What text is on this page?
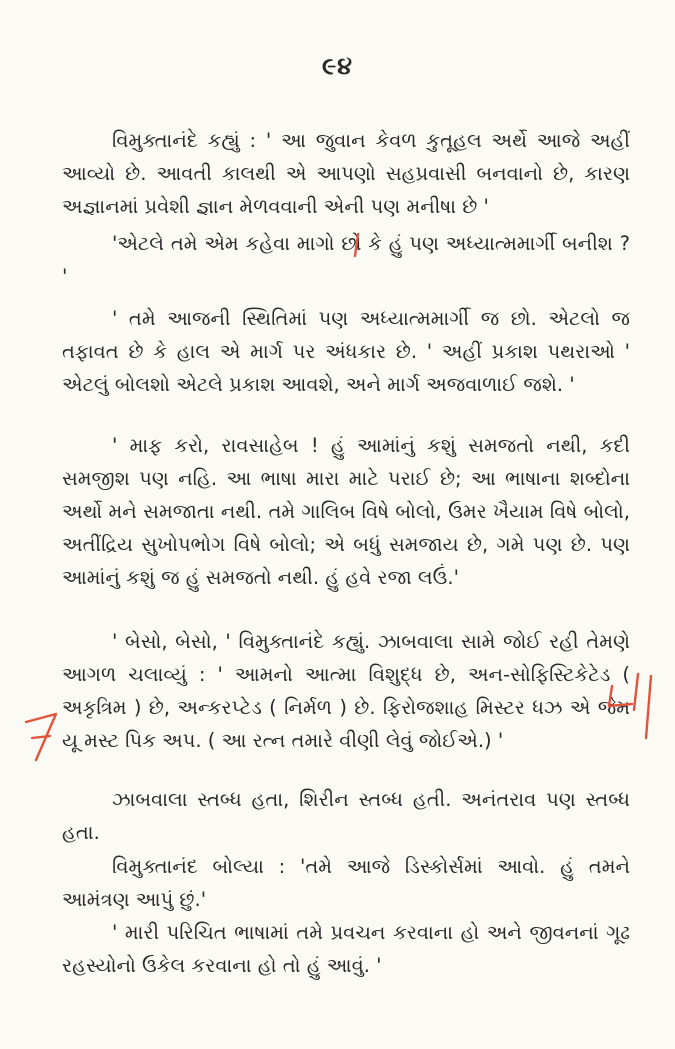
૯૪

વિમુક્તાનંદે કહ્યું : ' આ જુવાન કેવળ કુતૂહલ અર્થે આજે અહીં આવ્યો છે. આવતી કાલથી એ આપણો સહપ્રવાસી બનવાનો છે, કારણ અજ્ઞાનમાં પ્રવેશી જ્ઞાન મેળવવાની એની પણ મનીષા છે '

'એટલે તમે એમ કહેવા માગો છો કે હું પણ અધ્યાત્મમાર્ગી બનીશ ? '

' તમે આજની સ્થિતિમાં પણ અધ્યાત્મમાર્ગી જ છો. એટલો જ તફાવત છે કે હાલ એ માર્ગ પર અંધકાર છે. ' અહીં પ્રકાશ પથરાઓ ' એટલું બોલશો એટલે પ્રકાશ આવશે, અને માર્ગ અજવાળાઈ જશે. '

' માફ કરો, રાવસાહેબ ! હું આમાંનું કશું સમજતો નથી, કદી સમજીશ પણ નહિ. આ ભાષા મારા માટે પરાઈ છે; આ ભાષાના શબ્દોના અર્થો મને સમજાતા નથી. તમે ગાલિબ વિષે બોલો, ઉમર ખૈયામ વિષે બોલો, અતીંદ્રિય સુખોપભોગ વિષે બોલો; એ બધું સમજાય છે, ગમે પણ છે. પણ આમાંનું કશું જ હું સમજતો નથી. હું હવે રજા લઉં.'

' બેસો, બેસો, ' વિમુક્તાનંદે કહ્યું. ઝાબવાલા સામે જોઈ રહી તેમણે આગળ ચલાવ્યું : ' આમનો આત્મા વિશુદ્ધ છે, અન-સોફિસ્ટિકેટેડ ( અકૃત્રિમ ) છે, અન્કરપ્ટેડ ( નિર્મળ ) છે. ફિરોજશાહ મિસ્ટર ધઝ એ જેમ યૂ મસ્ટ પિક અપ. ( આ રત્ન તમારે વીણી લેવું જોઈએ.) '

ઝાબવાલા સ્તબ્ધ હતા, શિરીન સ્તબ્ધ હતી. અનંતરાવ પણ સ્તબ્ધ હતા.

વિમુક્તાનંદ બોલ્યા : 'તમે આજે ડિસ્કોર્સમાં આવો. હું તમને આમંત્રણ આપું છું.'

' મારી પરિચિત ભાષામાં તમે પ્રવચન કરવાના હો અને જીવનનાં ગૂઢ રહસ્યોનો ઉકેલ કરવાના હો તો હું આવું. '
